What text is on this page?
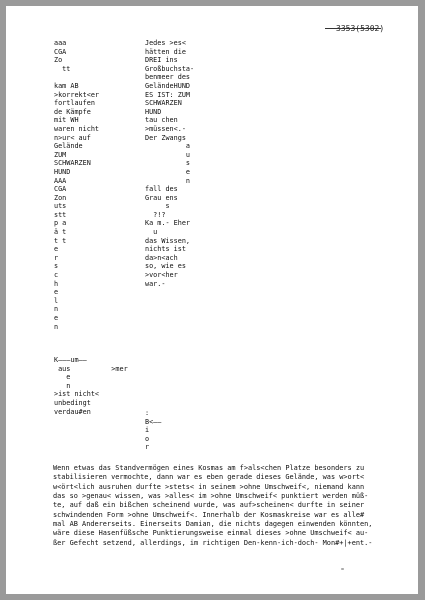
3353(5302)
aaa
CGA
Zo
tt

kam AB
>korrekt<er
fortlaufen
de Kämpfe
mit WH
waren nicht
n>ur< auf
Gelände
ZUM
SCHWARZEN
HUND
AAA
CGA
Zon
uts
stt
p a
ä t
t t
e
r
s
c
h
e
l
n
e
n

K———um——
aus          >mer
e
n
>ist nicht<
unbedingt
verdau#en

Jedes >es<
hätten die
DREI ins
Großbuchsta-
benmeer des
GeländeHUND
ES IST: ZUM
SCHWARZEN
HUND
tau chen
>müssen<.-
Der Zwangs
a
u
s
e
n
fall des
Grau ens
s
?!?
Ka m.- Eher
u
das Wissen,
nichts ist
da>n<ach
so, wie es
>vor<her
war.-

:
B<——
i
o
r

Wenn etwas das Standvermögen eines Kosmas am f>als<chen Platze besonders zu
stabilisieren vermochte, dann war es eben gerade dieses Gelände, was w>ort<
w<ört<lich ausruhen durfte >stets< in seinem >ohne Umschweif<, niemand kann
das so >genau< wissen, was >alles< im >ohne Umschweif< punktiert werden müß-
te, auf daß ein bißchen scheinend wurde, was auf>scheinen< durfte in seiner
schwindenden Form >ohne Umschweif<. Innerhalb der Kosmaskreise war es alle#
mal AB Andererseits. Einerseits Damian, die nichts dagegen einwenden könnten,
wäre diese Hasenfüßsche Punktierungsweise einmal dieses >ohne Umschweif< au-
ßer Gefecht setzend, allerdings, im richtigen Den-kenn-ich-doch- Mon#+|+ent.-
=
